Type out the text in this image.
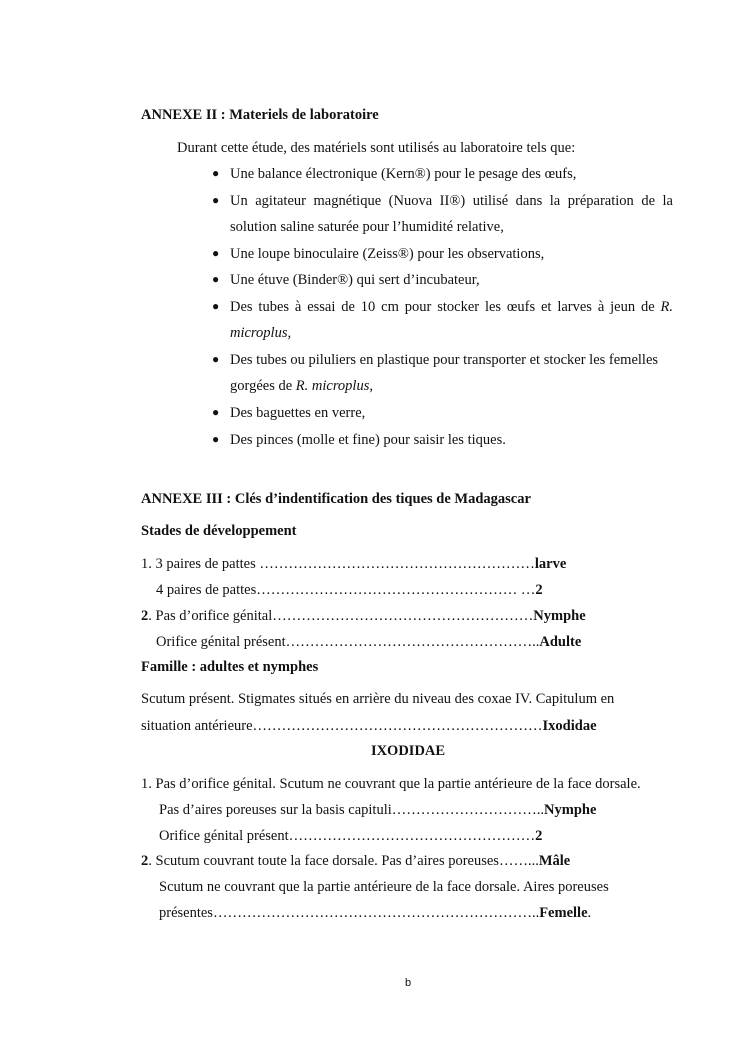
ANNEXE II : Materiels de laboratoire
Durant cette étude, des matériels sont utilisés au laboratoire tels que:
● Une balance électronique (Kern®) pour le pesage des œufs,
● Un agitateur magnétique (Nuova II®) utilisé dans la préparation de la
solution saline saturée pour l’humidité relative,
● Une loupe binoculaire (Zeiss®) pour les observations,
● Une étuve (Binder®) qui sert d’incubateur,
● Des tubes à essai de 10 cm pour stocker les œufs et larves à jeun de R.
microplus,
● Des tubes ou piluliers en plastique pour transporter et stocker les femelles
gorgées de R. microplus,
● Des baguettes en verre,
● Des pinces (molle et fine) pour saisir les tiques.
ANNEXE III : Clés d’indentification des tiques de Madagascar
Stades de développement
1. 3 paires de pattes …………………………………………………larve
4 paires de pattes……………………………………………… …2
2. Pas d’orifice génital………………………………………………Nymphe
Orifice génital présent……………………………………………..Adulte
Famille : adultes et nymphes
Scutum présent. Stigmates situés en arrière du niveau des coxae IV. Capitulum en
situation antérieure……………………………………………………Ixodidae
IXODIDAE
1. Pas d’orifice génital. Scutum ne couvrant que la partie antérieure de la face dorsale.
Pas d’aires poreuses sur la basis capituli…………………………..Nymphe
Orifice génital présent……………………………………………2
2. Scutum couvrant toute la face dorsale. Pas d’aires poreuses……...Mâle
Scutum ne couvrant que la partie antérieure de la face dorsale. Aires poreuses
présentes…………………………………………………………..Femelle.
b
